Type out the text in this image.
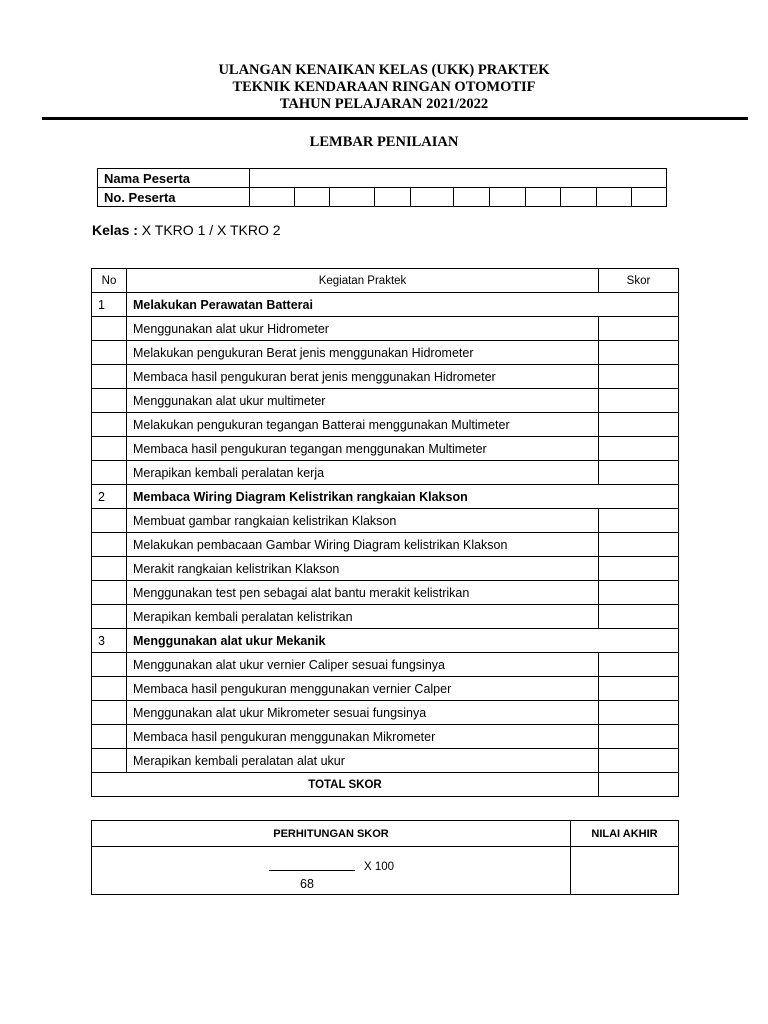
ULANGAN KENAIKAN KELAS (UKK) PRAKTEK
TEKNIK KENDARAAN RINGAN OTOMOTIF
TAHUN PELAJARAN 2021/2022
LEMBAR PENILAIAN
Nama Peserta											
No. Peserta											
Kelas : X TKRO 1 / X TKRO 2
No	Kegiatan Praktek	Skor
1	Melakukan Perawatan Batterai	
	Menggunakan alat ukur Hidrometer	
	Melakukan pengukuran Berat jenis menggunakan Hidrometer	
	Membaca hasil pengukuran berat jenis menggunakan Hidrometer	
	Menggunakan alat ukur multimeter	
	Melakukan pengukuran tegangan Batterai menggunakan Multimeter	
	Membaca hasil pengukuran tegangan menggunakan Multimeter	
	Merapikan kembali peralatan kerja	
2	Membaca Wiring Diagram Kelistrikan rangkaian Klakson	
	Membuat gambar rangkaian kelistrikan Klakson	
	Melakukan pembacaan Gambar Wiring Diagram kelistrikan Klakson	
	Merakit rangkaian kelistrikan Klakson	
	Menggunakan test pen sebagai alat bantu merakit kelistrikan	
	Merapikan kembali peralatan kelistrikan	
3	Menggunakan alat ukur Mekanik	
	Menggunakan alat ukur vernier Caliper sesuai fungsinya	
	Membaca hasil pengukuran menggunakan vernier Calper	
	Menggunakan alat ukur Mikrometer sesuai fungsinya	
	Membaca hasil pengukuran menggunakan Mikrometer	
	Merapikan kembali peralatan alat ukur	
TOTAL SKOR		
PERHITUNGAN SKOR	NILAI AKHIR

X 100
68	
